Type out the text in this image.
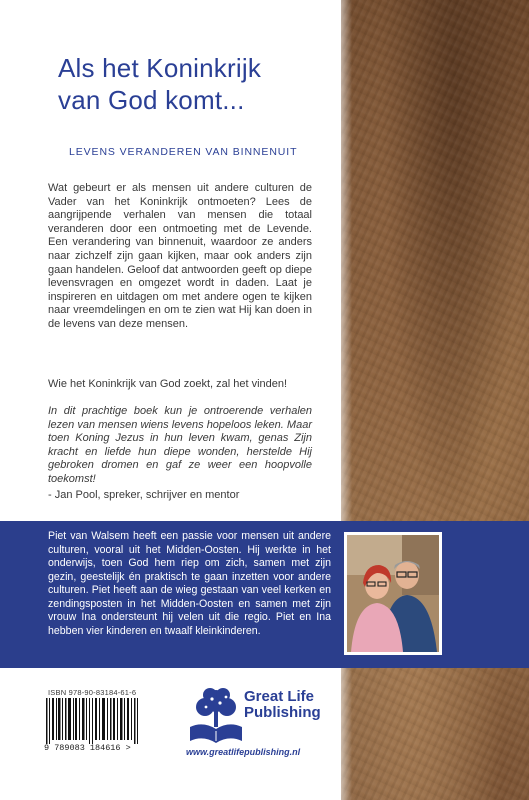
Als het Koninkrijk
van God komt...
LEVENS VERANDEREN VAN BINNENUIT

Wat gebeurt er als mensen uit andere culturen de Vader van het Koninkrijk ontmoeten? Lees de aangrijpende verhalen van mensen die totaal veranderen door een ontmoeting met de Levende. Een verandering van binnenuit, waardoor ze anders naar zichzelf zijn gaan kijken, maar ook anders zijn gaan handelen. Geloof dat antwoorden geeft op diepe levensvragen en omgezet wordt in daden. Laat je inspireren en uitdagen om met andere ogen te kijken naar vreemdelingen en om te zien wat Hij kan doen in de levens van deze mensen.

Wie het Koninkrijk van God zoekt, zal het vinden!

In dit prachtige boek kun je ontroerende verhalen lezen van mensen wiens levens hopeloos leken. Maar toen Koning Jezus in hun leven kwam, genas Zijn kracht en liefde hun diepe wonden, herstelde Hij gebroken dromen en gaf ze weer een hoopvolle toekomst!

- Jan Pool, spreker, schrijver en mentor

Piet van Walsem heeft een passie voor mensen uit andere culturen, vooral uit het Midden-Oosten. Hij werkte in het onderwijs, toen God hem riep om zich, samen met zijn gezin, geestelijk én praktisch te gaan inzetten voor andere culturen. Piet heeft aan de wieg gestaan van veel kerken en zendingsposten in het Midden-Oosten en samen met zijn vrouw Ina ondersteunt hij velen uit die regio. Piet en Ina hebben vier kinderen en twaalf kleinkinderen.

ISBN 978-90-83184-61-6
9 789083 184616 >
Great Life
Publishing
www.greatlifepublishing.nl
